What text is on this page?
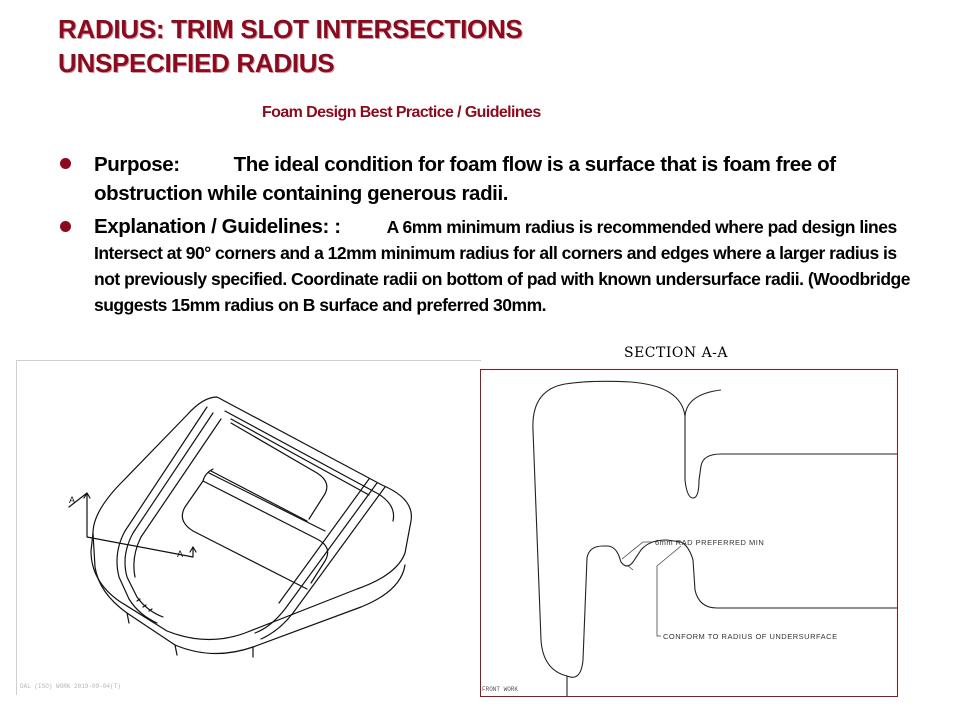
RADIUS: TRIM SLOT INTERSECTIONS
UNSPECIFIED RADIUS
Foam Design Best Practice / Guidelines
Purpose:	The ideal condition for foam flow is a surface that is foam free of obstruction while containing generous radii.
Explanation / Guidelines: :	A 6mm minimum radius is recommended where pad design lines Intersect at 90° corners and a 12mm minimum radius for all corners and edges where a larger radius is not previously specified. Coordinate radii on bottom of pad with known undersurface radii. (Woodbridge suggests 15mm radius on B surface and preferred 30mm.
SECTION A-A
A
A
DAL (ISO) WORK 2019-09-04(T)
6mm RAD PREFERRED MIN
CONFORM TO RADIUS OF UNDERSURFACE
FRONT WORK
